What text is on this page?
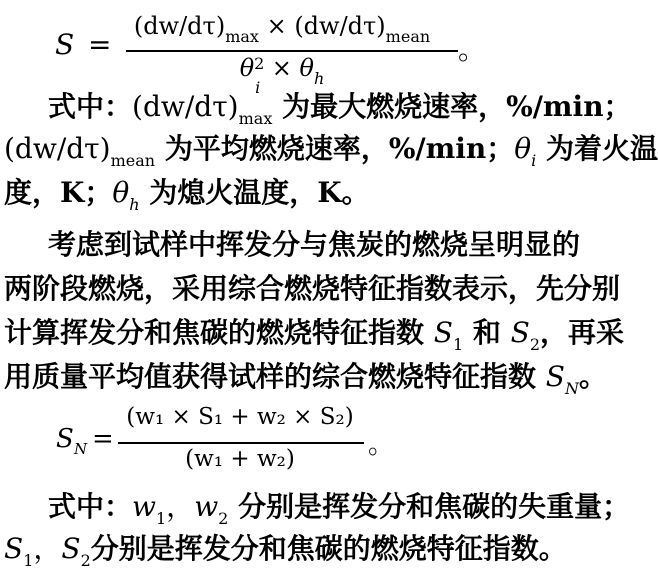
S =
$(dw/d\tau)_{max} \times (dw/d\tau)_{mean}$
θ 2
i
× $\theta_h$
。
式中：$(dw/d\tau)_{max}$ 为最大燃烧速率，%/min；
$(dw/d\tau)_{mean}$ 为平均燃烧速率，%/min；$\theta_i$ 为着火温
度，K；$\theta_h$ 为熄火温度，K。
考虑到试样中挥发分与焦炭的燃烧呈明显的
两阶段燃烧，采用综合燃烧特征指数表示，先分别
计算挥发分和焦碳的燃烧特征指数 $S_1$ 和 $S_2$，再采
用质量平均值获得试样的综合燃烧特征指数 $S_N$。
S N =
(w₁ × S₁ + w₂ × S₂)
(w₁ + w₂)	。
式中：$w_1$，$w_2$ 分别是挥发分和焦碳的失重量；
$S_1$，$S_2$分别是挥发分和焦碳的燃烧特征指数。
